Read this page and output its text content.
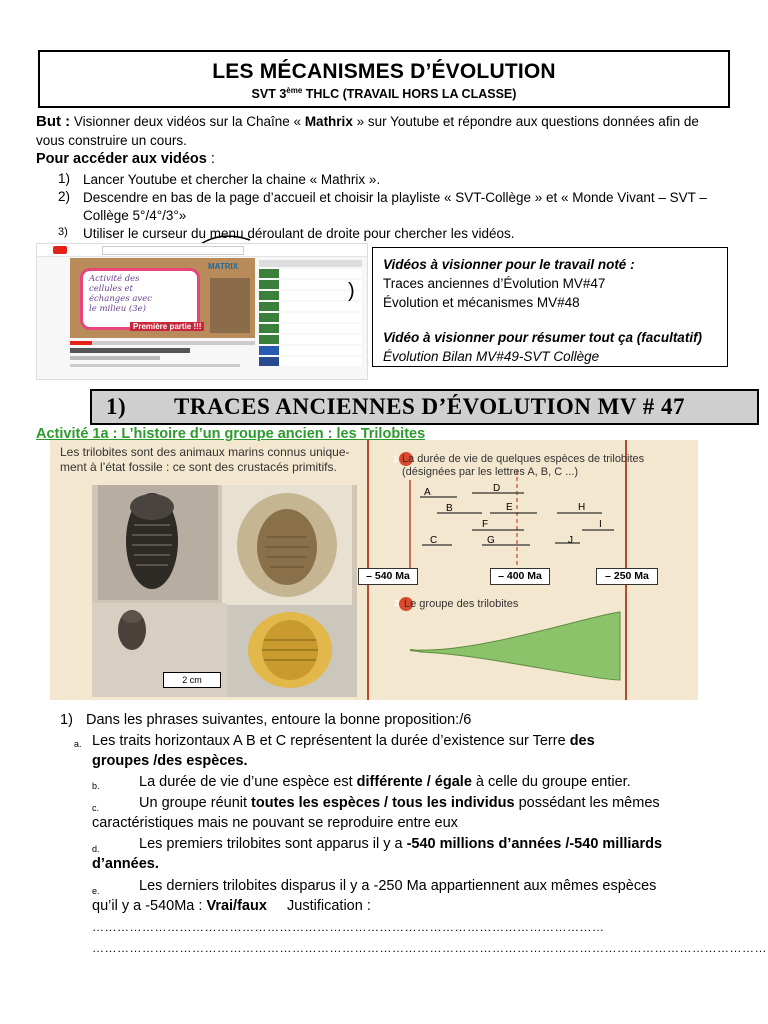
LES MÉCANISMES D’ÉVOLUTION
SVT 3ème THLC (TRAVAIL HORS LA CLASSE)
But : Visionner deux vidéos sur la Chaîne « Mathrix » sur Youtube et répondre aux questions données afin de
vous construire un cours.
Pour accéder aux vidéos :
1) Lancer Youtube et chercher la chaine « Mathrix ».
2) Descendre en bas de la page d’accueil et choisir la playliste « SVT-Collège » et « Monde Vivant – SVT –
Collège 5°/4°/3°»
3) Utiliser le curseur du menu déroulant de droite pour chercher les vidéos.
Activité des
cellules et
échanges avec
le milieu (3e)
Première partie !!!
MATRIX
)
Vidéos à visionner pour le travail noté :
Traces anciennes d’Évolution MV#47
Évolution et mécanismes MV#48
Vidéo à visionner pour résumer tout ça (facultatif)
Évolution Bilan MV#49-SVT Collège
1) TRACES ANCIENNES D’ÉVOLUTION MV # 47
Activité 1a : L’histoire d’un groupe ancien : les Trilobites
Les trilobites sont des animaux marins connus unique-
ment à l’état fossile : ce sont des crustacés primitifs.
2 cm
1 La durée de vie de quelques espèces de trilobites
(désignées par les lettres A, B, C ...)
2 Le groupe des trilobites
A
B
C
D
E
F
G
H
I
J
– 540 Ma	– 400 Ma	– 250 Ma
1) Dans les phrases suivantes, entoure la bonne proposition:/6
a. Les traits horizontaux A B et C représentent la durée d’existence sur Terre des
groupes /des espèces.
b.	La durée de vie d’une espèce est différente / égale à celle du groupe entier.
c.	Un groupe réunit toutes les espèces / tous les individus possédant les mêmes
caractéristiques mais ne pouvant se reproduire entre eux
d.	Les premiers trilobites sont apparus il y a -540 millions d’années /-540 milliards
d’années.
e.	Les derniers trilobites disparus il y a -250 Ma appartiennent aux mêmes espèces
qu’il y a -540Ma : Vrai/faux     Justification :
……………………………………………………………………………………………………………
………………………………………………………………………………………………………………………………………………
